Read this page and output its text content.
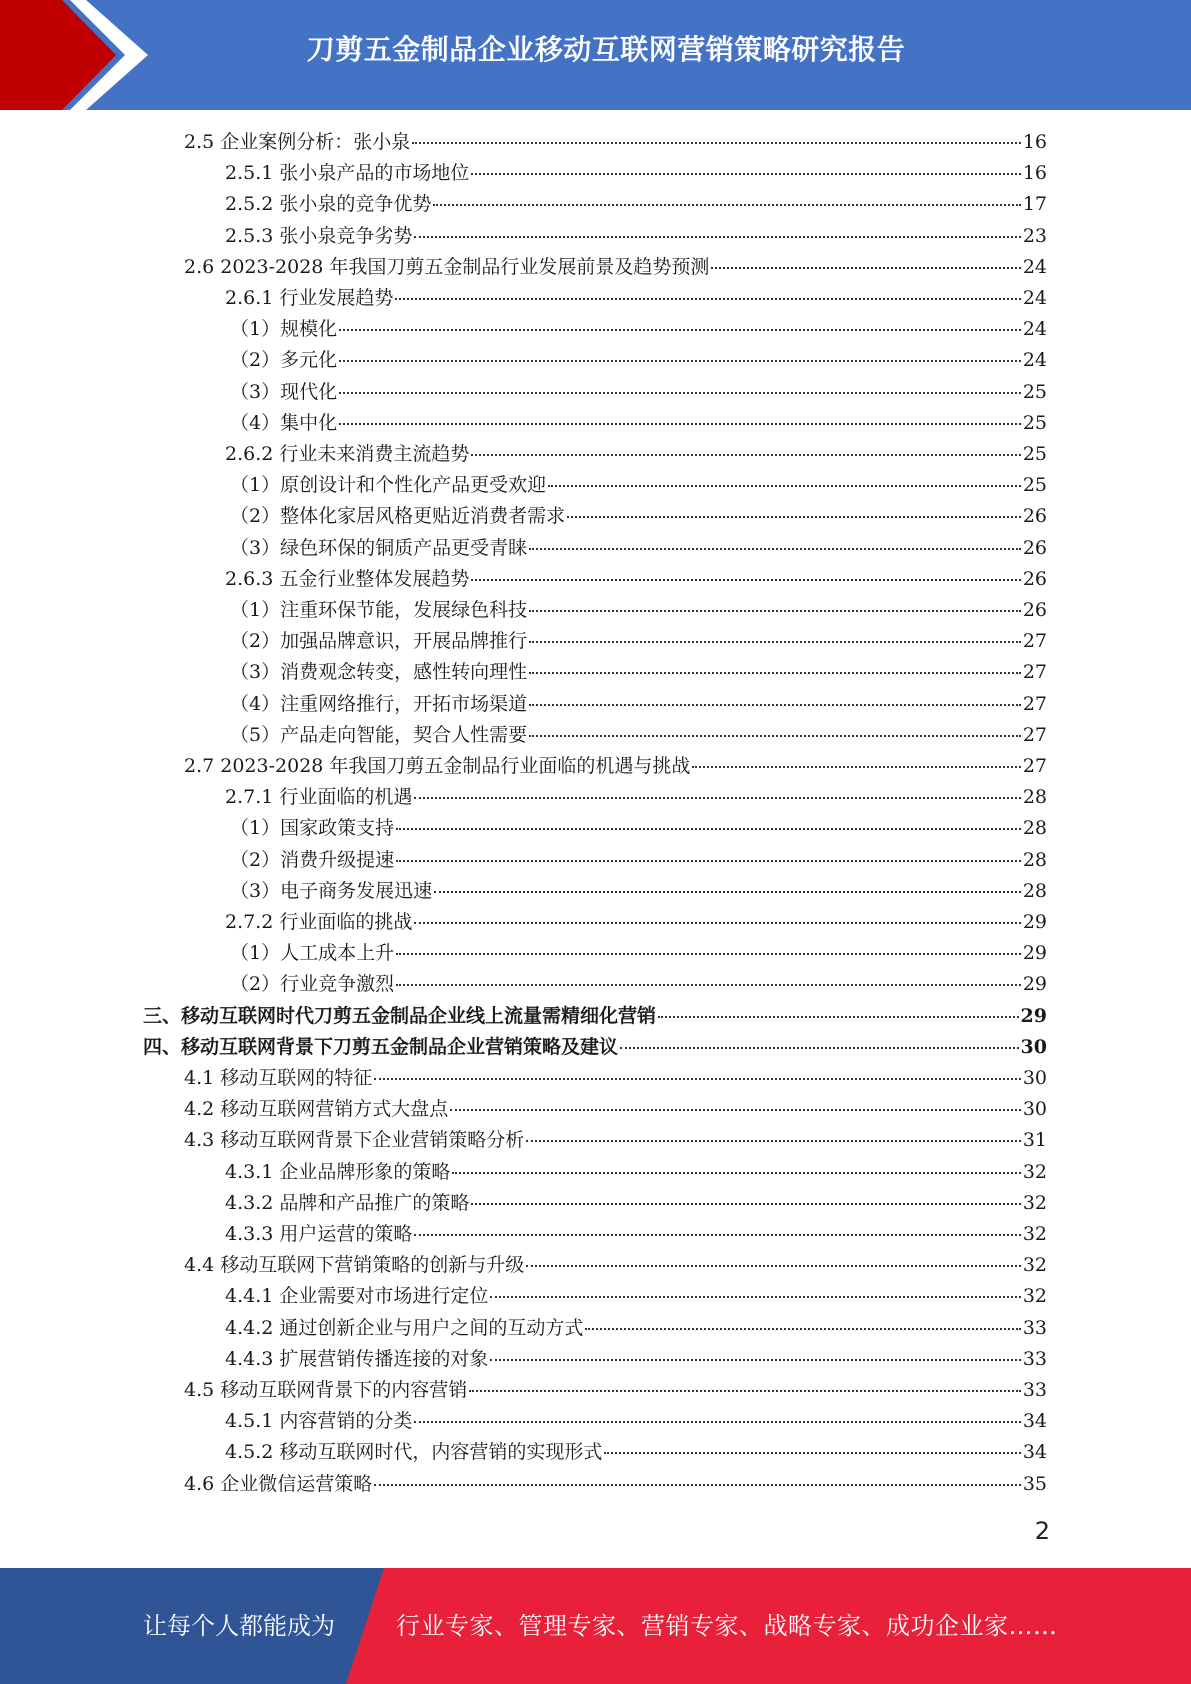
刀剪五金制品企业移动互联网营销策略研究报告
2.5 企业案例分析：张小泉	16
2.5.1 张小泉产品的市场地位	16
2.5.2 张小泉的竞争优势	17
2.5.3 张小泉竞争劣势	23
2.6 2023-2028 年我国刀剪五金制品行业发展前景及趋势预测	24
2.6.1 行业发展趋势	24
（1）规模化	24
（2）多元化	24
（3）现代化	25
（4）集中化	25
2.6.2 行业未来消费主流趋势	25
（1）原创设计和个性化产品更受欢迎	25
（2）整体化家居风格更贴近消费者需求	26
（3）绿色环保的铜质产品更受青睐	26
2.6.3 五金行业整体发展趋势	26
（1）注重环保节能，发展绿色科技	26
（2）加强品牌意识，开展品牌推行	27
（3）消费观念转变，感性转向理性	27
（4）注重网络推行，开拓市场渠道	27
（5）产品走向智能，契合人性需要	27
2.7 2023-2028 年我国刀剪五金制品行业面临的机遇与挑战	27
2.7.1 行业面临的机遇	28
（1）国家政策支持	28
（2）消费升级提速	28
（3）电子商务发展迅速	28
2.7.2 行业面临的挑战	29
（1）人工成本上升	29
（2）行业竞争激烈	29
三、移动互联网时代刀剪五金制品企业线上流量需精细化营销	29
四、移动互联网背景下刀剪五金制品企业营销策略及建议	30
4.1 移动互联网的特征	30
4.2 移动互联网营销方式大盘点	30
4.3 移动互联网背景下企业营销策略分析	31
4.3.1 企业品牌形象的策略	32
4.3.2 品牌和产品推广的策略	32
4.3.3 用户运营的策略	32
4.4 移动互联网下营销策略的创新与升级	32
4.4.1 企业需要对市场进行定位	32
4.4.2 通过创新企业与用户之间的互动方式	33
4.4.3 扩展营销传播连接的对象	33
4.5 移动互联网背景下的内容营销	33
4.5.1 内容营销的分类	34
4.5.2 移动互联网时代，内容营销的实现形式	34
4.6 企业微信运营策略	35
2
让每个人都能成为	行业专家、管理专家、营销专家、战略专家、成功企业家……
